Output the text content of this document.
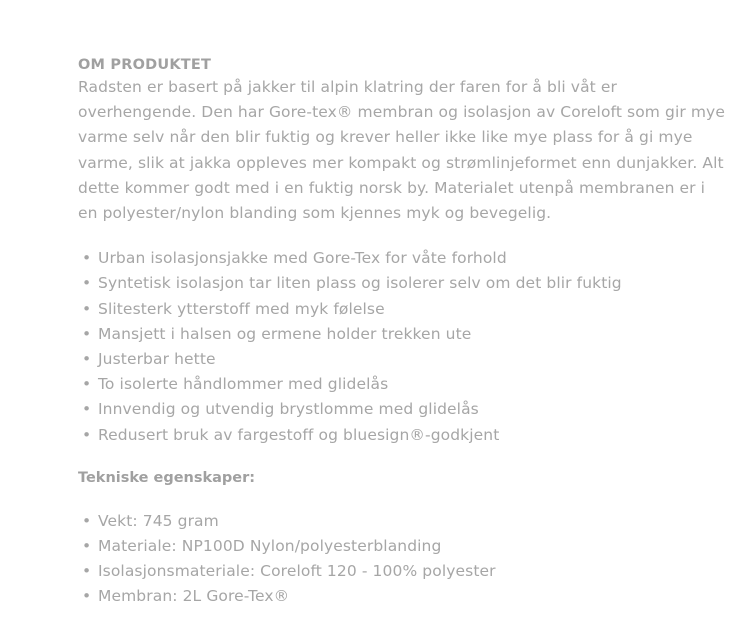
OM PRODUKTET

Radsten er basert på jakker til alpin klatring der faren for å bli våt er overhengende. Den har Gore-tex® membran og isolasjon av Coreloft som gir mye varme selv når den blir fuktig og krever heller ikke like mye plass for å gi mye varme, slik at jakka oppleves mer kompakt og strømlinjeformet enn dunjakker. Alt dette kommer godt med i en fuktig norsk by. Materialet utenpå membranen er i en polyester/nylon blanding som kjennes myk og bevegelig.

• Urban isolasjonsjakke med Gore-Tex for våte forhold
• Syntetisk isolasjon tar liten plass og isolerer selv om det blir fuktig
• Slitesterk ytterstoff med myk følelse
• Mansjett i halsen og ermene holder trekken ute
• Justerbar hette
• To isolerte håndlommer med glidelås
• Innvendig og utvendig brystlomme med glidelås
• Redusert bruk av fargestoff og bluesign®-godkjent
Tekniske egenskaper:
• Vekt: 745 gram
• Materiale: NP100D Nylon/polyesterblanding
• Isolasjonsmateriale: Coreloft 120 - 100% polyester
• Membran: 2L Gore-Tex®
